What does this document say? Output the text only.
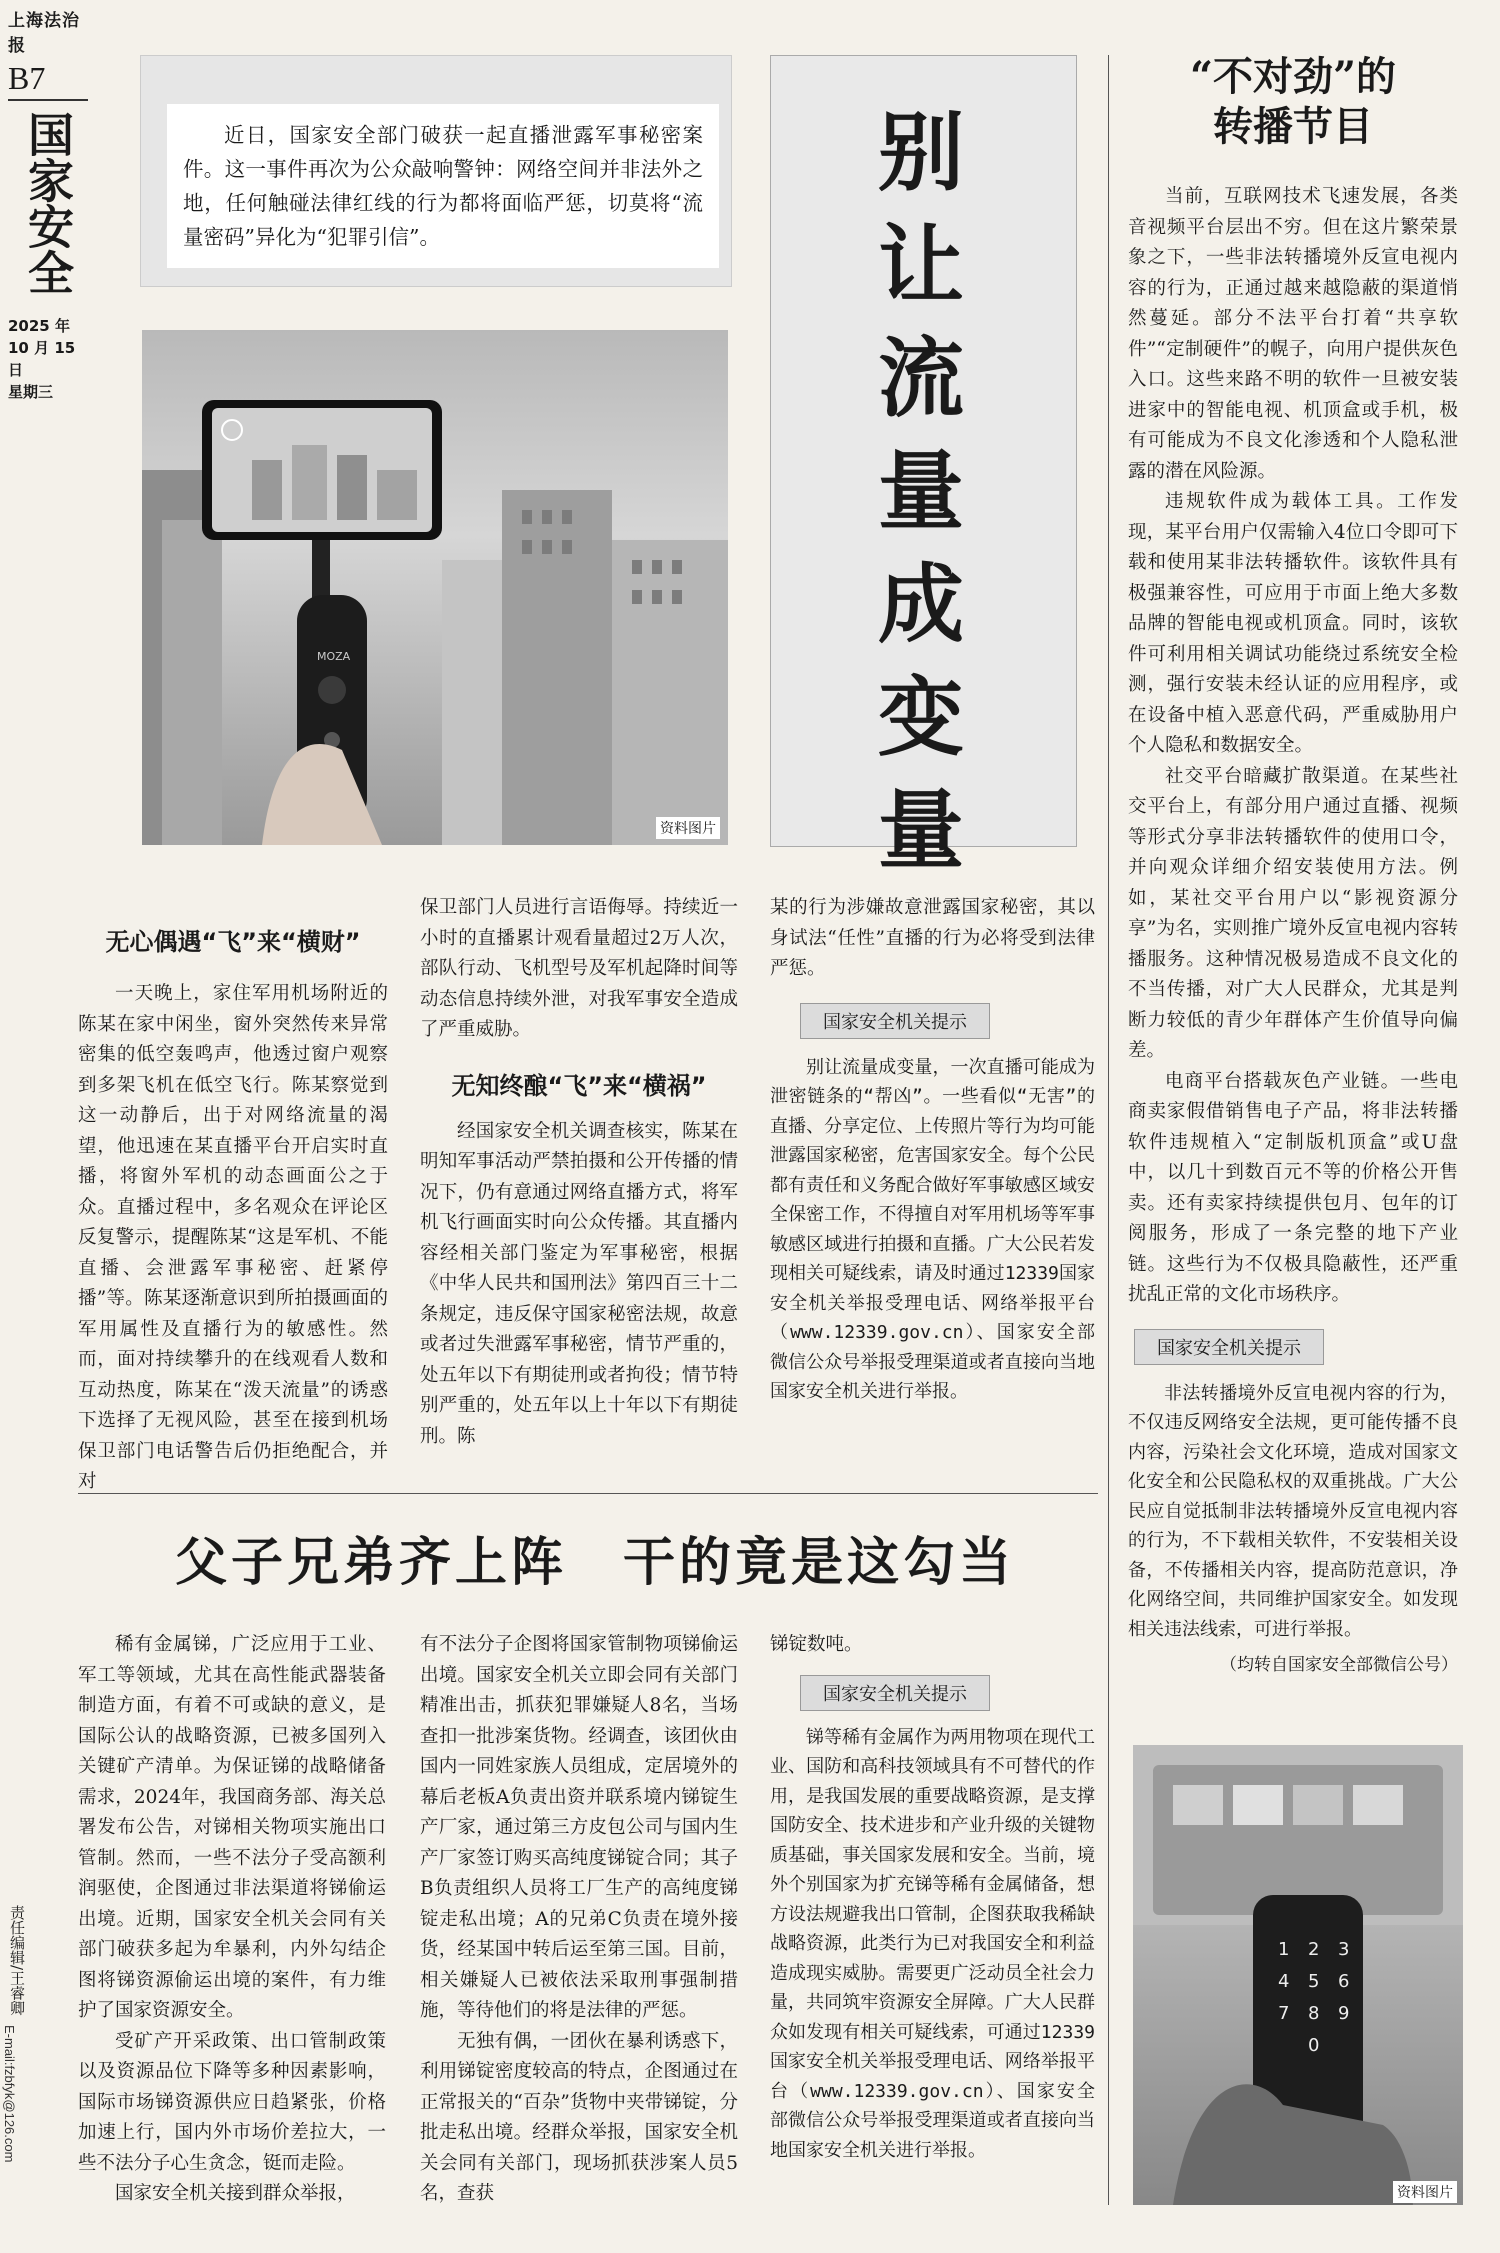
上海法治报
B7
国家安全
2025 年
10 月 15 日
星期三
责任编辑/王睿卿
E-mail:fzbfyk@126.com
近日，国家安全部门破获一起直播泄露军事秘密案件。这一事件再次为公众敲响警钟：网络空间并非法外之地，任何触碰法律红线的行为都将面临严惩，切莫将“流量密码”异化为“犯罪引信”。
MOZA
资料图片
别让流量成变量
“不对劲”的
转播节目

当前，互联网技术飞速发展，各类音视频平台层出不穷。但在这片繁荣景象之下，一些非法转播境外反宣电视内容的行为，正通过越来越隐蔽的渠道悄然蔓延。部分不法平台打着“共享软件”“定制硬件”的幌子，向用户提供灰色入口。这些来路不明的软件一旦被安装进家中的智能电视、机顶盒或手机，极有可能成为不良文化渗透和个人隐私泄露的潜在风险源。

违规软件成为载体工具。工作发现，某平台用户仅需输入4位口令即可下载和使用某非法转播软件。该软件具有极强兼容性，可应用于市面上绝大多数品牌的智能电视或机顶盒。同时，该软件可利用相关调试功能绕过系统安全检测，强行安装未经认证的应用程序，或在设备中植入恶意代码，严重威胁用户个人隐私和数据安全。

社交平台暗藏扩散渠道。在某些社交平台上，有部分用户通过直播、视频等形式分享非法转播软件的使用口令，并向观众详细介绍安装使用方法。例如，某社交平台用户以“影视资源分享”为名，实则推广境外反宣电视内容转播服务。这种情况极易造成不良文化的不当传播，对广大人民群众，尤其是判断力较低的青少年群体产生价值导向偏差。

电商平台搭载灰色产业链。一些电商卖家假借销售电子产品，将非法转播软件违规植入“定制版机顶盒”或U盘中，以几十到数百元不等的价格公开售卖。还有卖家持续提供包月、包年的订阅服务，形成了一条完整的地下产业链。这些行为不仅极具隐蔽性，还严重扰乱正常的文化市场秩序。

国家安全机关提示

非法转播境外反宣电视内容的行为，不仅违反网络安全法规，更可能传播不良内容，污染社会文化环境，造成对国家文化安全和公民隐私权的双重挑战。广大公民应自觉抵制非法转播境外反宣电视内容的行为，不下载相关软件，不安装相关设备，不传播相关内容，提高防范意识，净化网络空间，共同维护国家安全。如发现相关违法线索，可进行举报。

（均转自国家安全部微信公号）

1 2 3
4 5 6
7 8 9
0
资料图片
无心偶遇“飞”来“横财”

一天晚上，家住军用机场附近的陈某在家中闲坐，窗外突然传来异常密集的低空轰鸣声，他透过窗户观察到多架飞机在低空飞行。陈某察觉到这一动静后，出于对网络流量的渴望，他迅速在某直播平台开启实时直播，将窗外军机的动态画面公之于众。直播过程中，多名观众在评论区反复警示，提醒陈某“这是军机、不能直播、会泄露军事秘密、赶紧停播”等。陈某逐渐意识到所拍摄画面的军用属性及直播行为的敏感性。然而，面对持续攀升的在线观看人数和互动热度，陈某在“泼天流量”的诱惑下选择了无视风险，甚至在接到机场保卫部门电话警告后仍拒绝配合，并对

保卫部门人员进行言语侮辱。持续近一小时的直播累计观看量超过2万人次，部队行动、飞机型号及军机起降时间等动态信息持续外泄，对我军事安全造成了严重威胁。

无知终酿“飞”来“横祸”

经国家安全机关调查核实，陈某在明知军事活动严禁拍摄和公开传播的情况下，仍有意通过网络直播方式，将军机飞行画面实时向公众传播。其直播内容经相关部门鉴定为军事秘密，根据《中华人民共和国刑法》第四百三十二条规定，违反保守国家秘密法规，故意或者过失泄露军事秘密，情节严重的，处五年以下有期徒刑或者拘役；情节特别严重的，处五年以上十年以下有期徒刑。陈

某的行为涉嫌故意泄露国家秘密，其以身试法“任性”直播的行为必将受到法律严惩。

国家安全机关提示

别让流量成变量，一次直播可能成为泄密链条的“帮凶”。一些看似“无害”的直播、分享定位、上传照片等行为均可能泄露国家秘密，危害国家安全。每个公民都有责任和义务配合做好军事敏感区域安全保密工作，不得擅自对军用机场等军事敏感区域进行拍摄和直播。广大公民若发现相关可疑线索，请及时通过12339国家安全机关举报受理电话、网络举报平台（www.12339.gov.cn）、国家安全部微信公众号举报受理渠道或者直接向当地国家安全机关进行举报。

父子兄弟齐上阵　干的竟是这勾当

稀有金属锑，广泛应用于工业、军工等领域，尤其在高性能武器装备制造方面，有着不可或缺的意义，是国际公认的战略资源，已被多国列入关键矿产清单。为保证锑的战略储备需求，2024年，我国商务部、海关总署发布公告，对锑相关物项实施出口管制。然而，一些不法分子受高额利润驱使，企图通过非法渠道将锑偷运出境。近期，国家安全机关会同有关部门破获多起为牟暴利，内外勾结企图将锑资源偷运出境的案件，有力维护了国家资源安全。

受矿产开采政策、出口管制政策以及资源品位下降等多种因素影响，国际市场锑资源供应日趋紧张，价格加速上行，国内外市场价差拉大，一些不法分子心生贪念，铤而走险。

国家安全机关接到群众举报，

有不法分子企图将国家管制物项锑偷运出境。国家安全机关立即会同有关部门精准出击，抓获犯罪嫌疑人8名，当场查扣一批涉案货物。经调查，该团伙由国内一同姓家族人员组成，定居境外的幕后老板A负责出资并联系境内锑锭生产厂家，通过第三方皮包公司与国内生产厂家签订购买高纯度锑锭合同；其子B负责组织人员将工厂生产的高纯度锑锭走私出境；A的兄弟C负责在境外接货，经某国中转后运至第三国。目前，相关嫌疑人已被依法采取刑事强制措施，等待他们的将是法律的严惩。

无独有偶，一团伙在暴利诱惑下，利用锑锭密度较高的特点，企图通过在正常报关的“百杂”货物中夹带锑锭，分批走私出境。经群众举报，国家安全机关会同有关部门，现场抓获涉案人员5名，查获

锑锭数吨。

国家安全机关提示

锑等稀有金属作为两用物项在现代工业、国防和高科技领域具有不可替代的作用，是我国发展的重要战略资源，是支撑国防安全、技术进步和产业升级的关键物质基础，事关国家发展和安全。当前，境外个别国家为扩充锑等稀有金属储备，想方设法规避我出口管制，企图获取我稀缺战略资源，此类行为已对我国安全和利益造成现实威胁。需要更广泛动员全社会力量，共同筑牢资源安全屏障。广大人民群众如发现有相关可疑线索，可通过12339国家安全机关举报受理电话、网络举报平台（www.12339.gov.cn）、国家安全部微信公众号举报受理渠道或者直接向当地国家安全机关进行举报。
